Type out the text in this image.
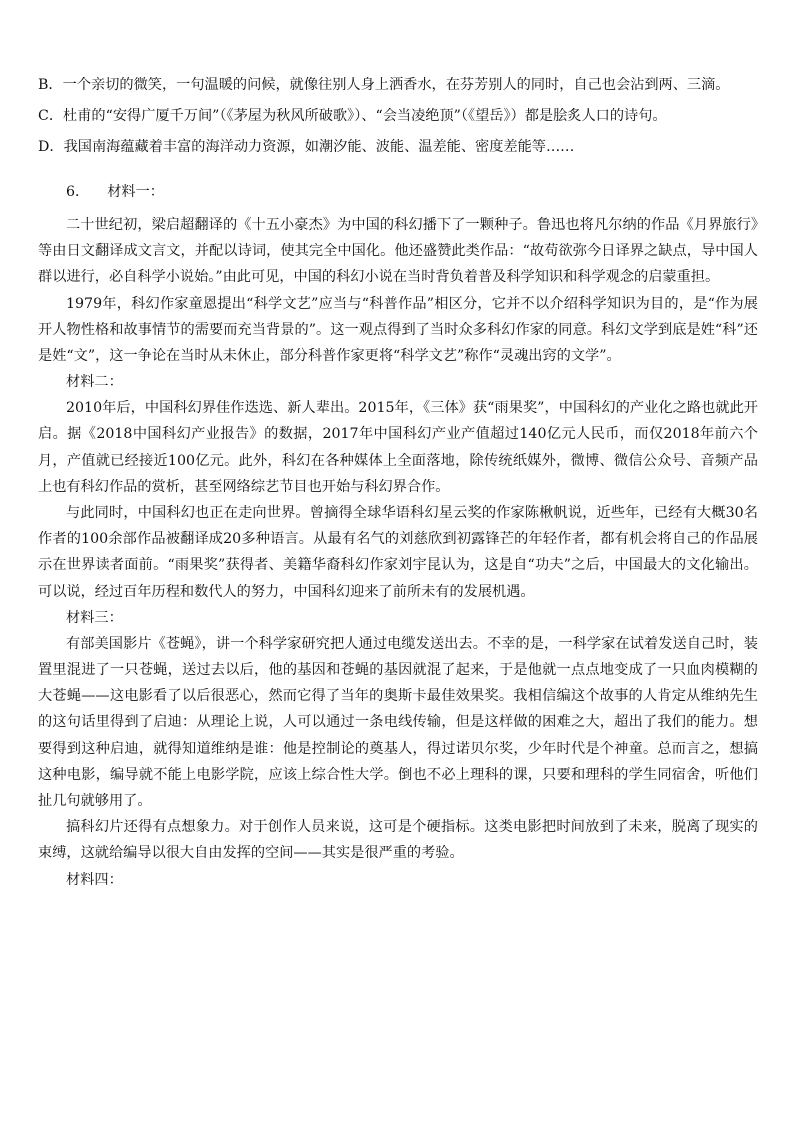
B．一个亲切的微笑，一句温暖的问候，就像往别人身上洒香水，在芬芳别人的同时，自己也会沾到两、三滴。

C．杜甫的“安得广厦千万间”（《茅屋为秋风所破歌》）、“会当凌绝顶”（《望岳》）都是脍炙人口的诗句。

D．我国南海蕴藏着丰富的海洋动力资源，如潮汐能、波能、温差能、密度差能等……

6． 材料一：

二十世纪初，梁启超翻译的《十五小豪杰》为中国的科幻播下了一颗种子。鲁迅也将凡尔纳的作品《月界旅行》等由日文翻译成文言文，并配以诗词，使其完全中国化。他还盛赞此类作品：“故苟欲弥今日译界之缺点，导中国人群以进行，必自科学小说始。”由此可见，中国的科幻小说在当时背负着普及科学知识和科学观念的启蒙重担。

1979年，科幻作家童恩提出“科学文艺”应当与“科普作品”相区分，它并不以介绍科学知识为目的，是“作为展开人物性格和故事情节的需要而充当背景的”。这一观点得到了当时众多科幻作家的同意。科幻文学到底是姓“科”还是姓“文”，这一争论在当时从未休止，部分科普作家更将“科学文艺”称作“灵魂出窍的文学”。

材料二：

2010年后，中国科幻界佳作迭选、新人辈出。2015年，《三体》获“雨果奖”，中国科幻的产业化之路也就此开启。据《2018中国科幻产业报告》的数据，2017年中国科幻产业产值超过140亿元人民币，而仅2018年前六个月，产值就已经接近100亿元。此外，科幻在各种媒体上全面落地，除传统纸媒外，微博、微信公众号、音频产品上也有科幻作品的赏析，甚至网络综艺节目也开始与科幻界合作。

与此同时，中国科幻也正在走向世界。曾摘得全球华语科幻星云奖的作家陈楸帆说，近些年，已经有大概30名作者的100余部作品被翻译成20多种语言。从最有名气的刘慈欣到初露锋芒的年轻作者，都有机会将自己的作品展示在世界读者面前。“雨果奖”获得者、美籍华裔科幻作家刘宇昆认为，这是自“功夫”之后，中国最大的文化输出。可以说，经过百年历程和数代人的努力，中国科幻迎来了前所未有的发展机遇。

材料三：

有部美国影片《苍蝇》，讲一个科学家研究把人通过电缆发送出去。不幸的是，一科学家在试着发送自己时，装置里混进了一只苍蝇，送过去以后，他的基因和苍蝇的基因就混了起来，于是他就一点点地变成了一只血肉模糊的大苍蝇——这电影看了以后很恶心，然而它得了当年的奥斯卡最佳效果奖。我相信编这个故事的人肯定从维纳先生的这句话里得到了启迪：从理论上说，人可以通过一条电线传输，但是这样做的困难之大，超出了我们的能力。想要得到这种启迪，就得知道维纳是谁：他是控制论的奠基人，得过诺贝尔奖，少年时代是个神童。总而言之，想搞这种电影，编导就不能上电影学院，应该上综合性大学。倒也不必上理科的课，只要和理科的学生同宿舍，听他们扯几句就够用了。

搞科幻片还得有点想象力。对于创作人员来说，这可是个硬指标。这类电影把时间放到了未来，脱离了现实的束缚，这就给编导以很大自由发挥的空间——其实是很严重的考验。

材料四：
